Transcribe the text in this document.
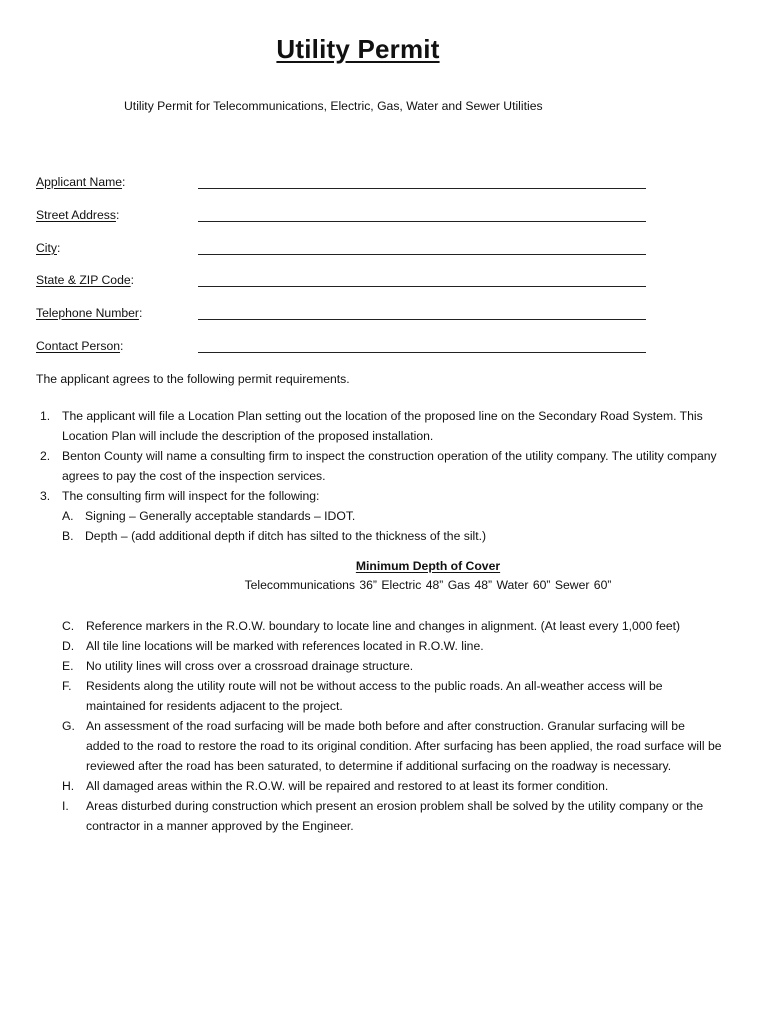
Utility Permit
Utility Permit for Telecommunications, Electric, Gas, Water and Sewer Utilities
Applicant Name:
Street Address:
City:
State & ZIP Code:
Telephone Number:
Contact Person:
The applicant agrees to the following permit requirements.
1. The applicant will file a Location Plan setting out the location of the proposed line on the Secondary Road System. This Location Plan will include the description of the proposed installation.
2. Benton County will name a consulting firm to inspect the construction operation of the utility company. The utility company agrees to pay the cost of the inspection services.
3. The consulting firm will inspect for the following:
A. Signing – Generally acceptable standards – IDOT.
B. Depth – (add additional depth if ditch has silted to the thickness of the silt.)
Minimum Depth of Cover
Telecommunications 36” Electric 48” Gas 48” Water 60” Sewer 60”
C. Reference markers in the R.O.W. boundary to locate line and changes in alignment. (At least every 1,000 feet)
D. All tile line locations will be marked with references located in R.O.W. line.
E. No utility lines will cross over a crossroad drainage structure.
F. Residents along the utility route will not be without access to the public roads. An all-weather access will be maintained for residents adjacent to the project.
G. An assessment of the road surfacing will be made both before and after construction. Granular surfacing will be added to the road to restore the road to its original condition. After surfacing has been applied, the road surface will be reviewed after the road has been saturated, to determine if additional surfacing on the roadway is necessary.
H. All damaged areas within the R.O.W. will be repaired and restored to at least its former condition.
I. Areas disturbed during construction which present an erosion problem shall be solved by the utility company or the contractor in a manner approved by the Engineer.
